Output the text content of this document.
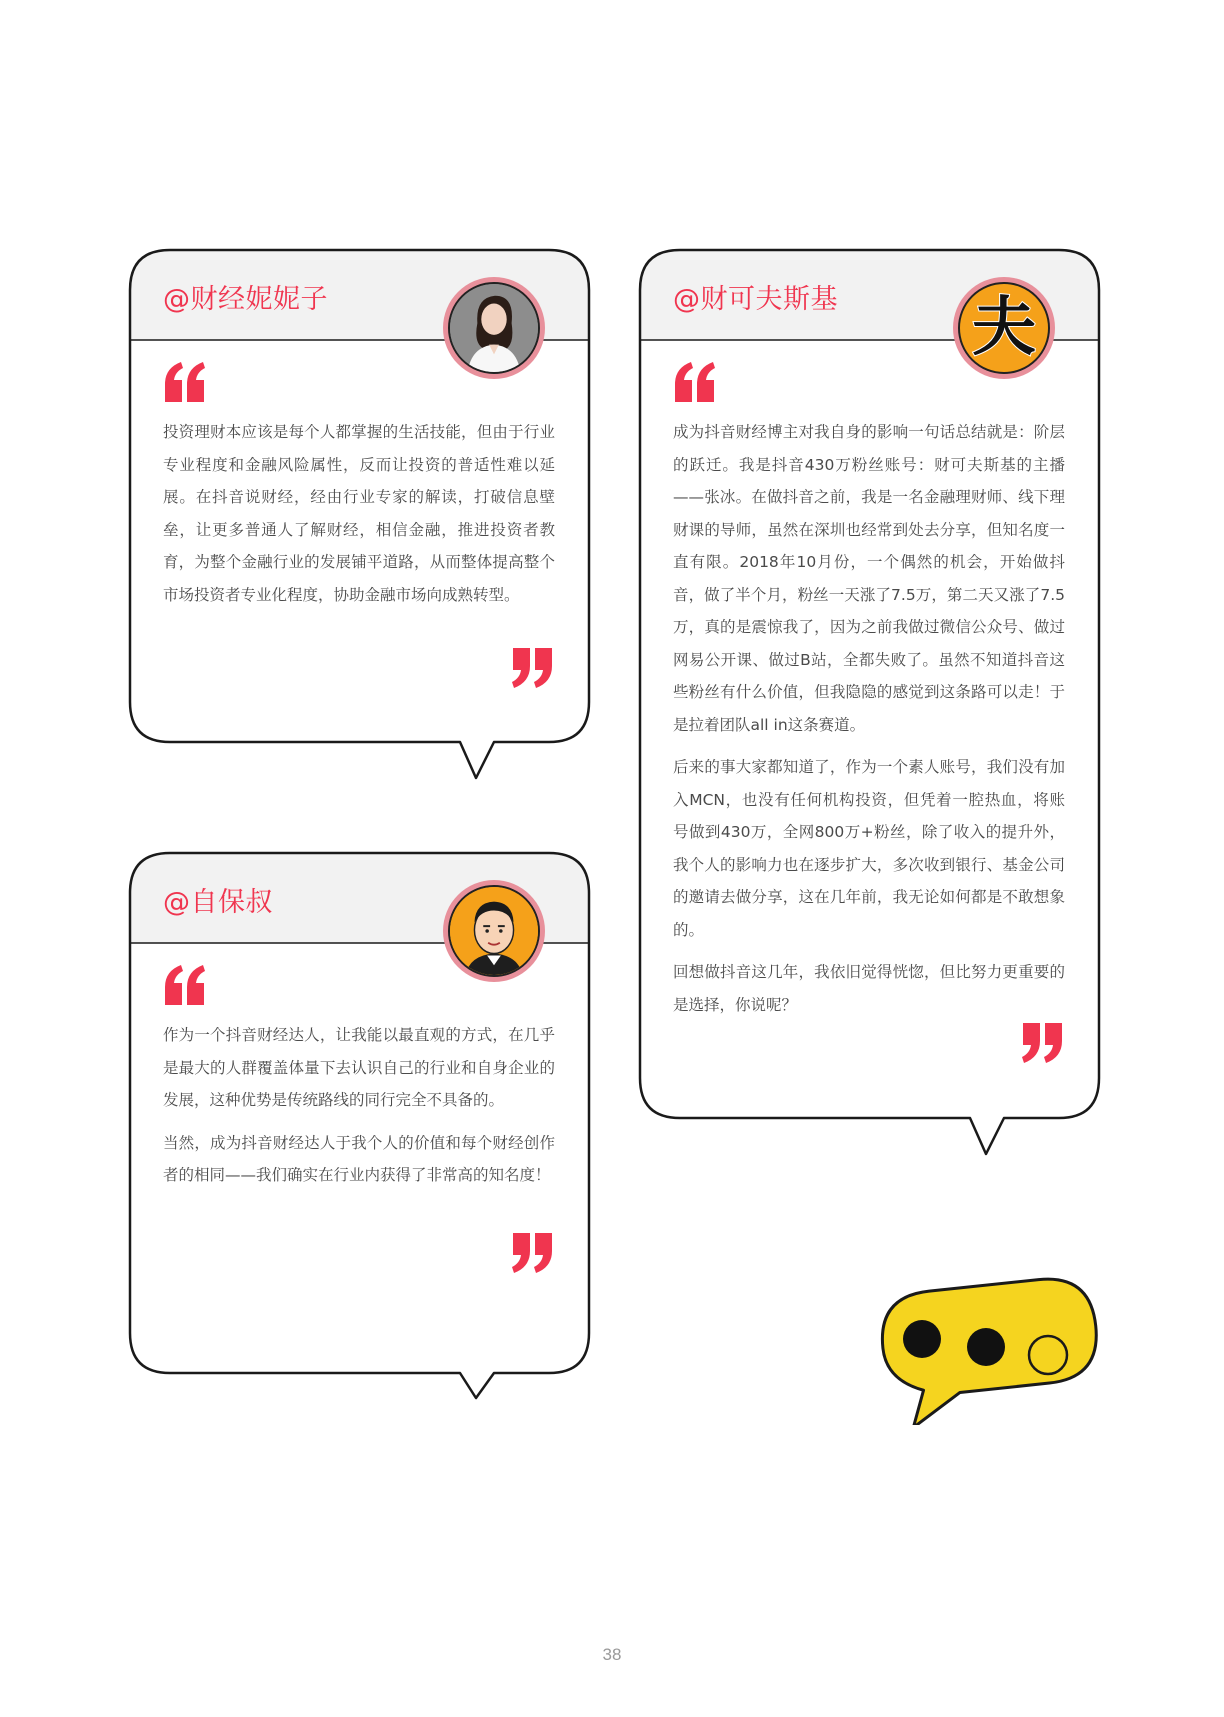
@财经妮妮子

投资理财本应该是每个人都掌握的生活技能，但由于行业专业程度和金融风险属性，反而让投资的普适性难以延展。在抖音说财经，经由行业专家的解读，打破信息壁垒，让更多普通人了解财经，相信金融，推进投资者教育，为整个金融行业的发展铺平道路，从而整体提高整个市场投资者专业化程度，协助金融市场向成熟转型。

@财可夫斯基 夫

成为抖音财经博主对我自身的影响一句话总结就是：阶层的跃迁。我是抖音430万粉丝账号：财可夫斯基的主播——张冰。在做抖音之前，我是一名金融理财师、线下理财课的导师，虽然在深圳也经常到处去分享，但知名度一直有限。2018年10月份，一个偶然的机会，开始做抖音，做了半个月，粉丝一天涨了7.5万，第二天又涨了7.5万，真的是震惊我了，因为之前我做过微信公众号、做过网易公开课、做过B站，全都失败了。虽然不知道抖音这些粉丝有什么价值，但我隐隐的感觉到这条路可以走！于是拉着团队all in这条赛道。

后来的事大家都知道了，作为一个素人账号，我们没有加入MCN，也没有任何机构投资，但凭着一腔热血，将账号做到430万，全网800万+粉丝，除了收入的提升外，我个人的影响力也在逐步扩大，多次收到银行、基金公司的邀请去做分享，这在几年前，我无论如何都是不敢想象的。

回想做抖音这几年，我依旧觉得恍惚，但比努力更重要的是选择，你说呢？

@自保叔

作为一个抖音财经达人，让我能以最直观的方式，在几乎是最大的人群覆盖体量下去认识自己的行业和自身企业的发展，这种优势是传统路线的同行完全不具备的。

当然，成为抖音财经达人于我个人的价值和每个财经创作者的相同——我们确实在行业内获得了非常高的知名度！

38
